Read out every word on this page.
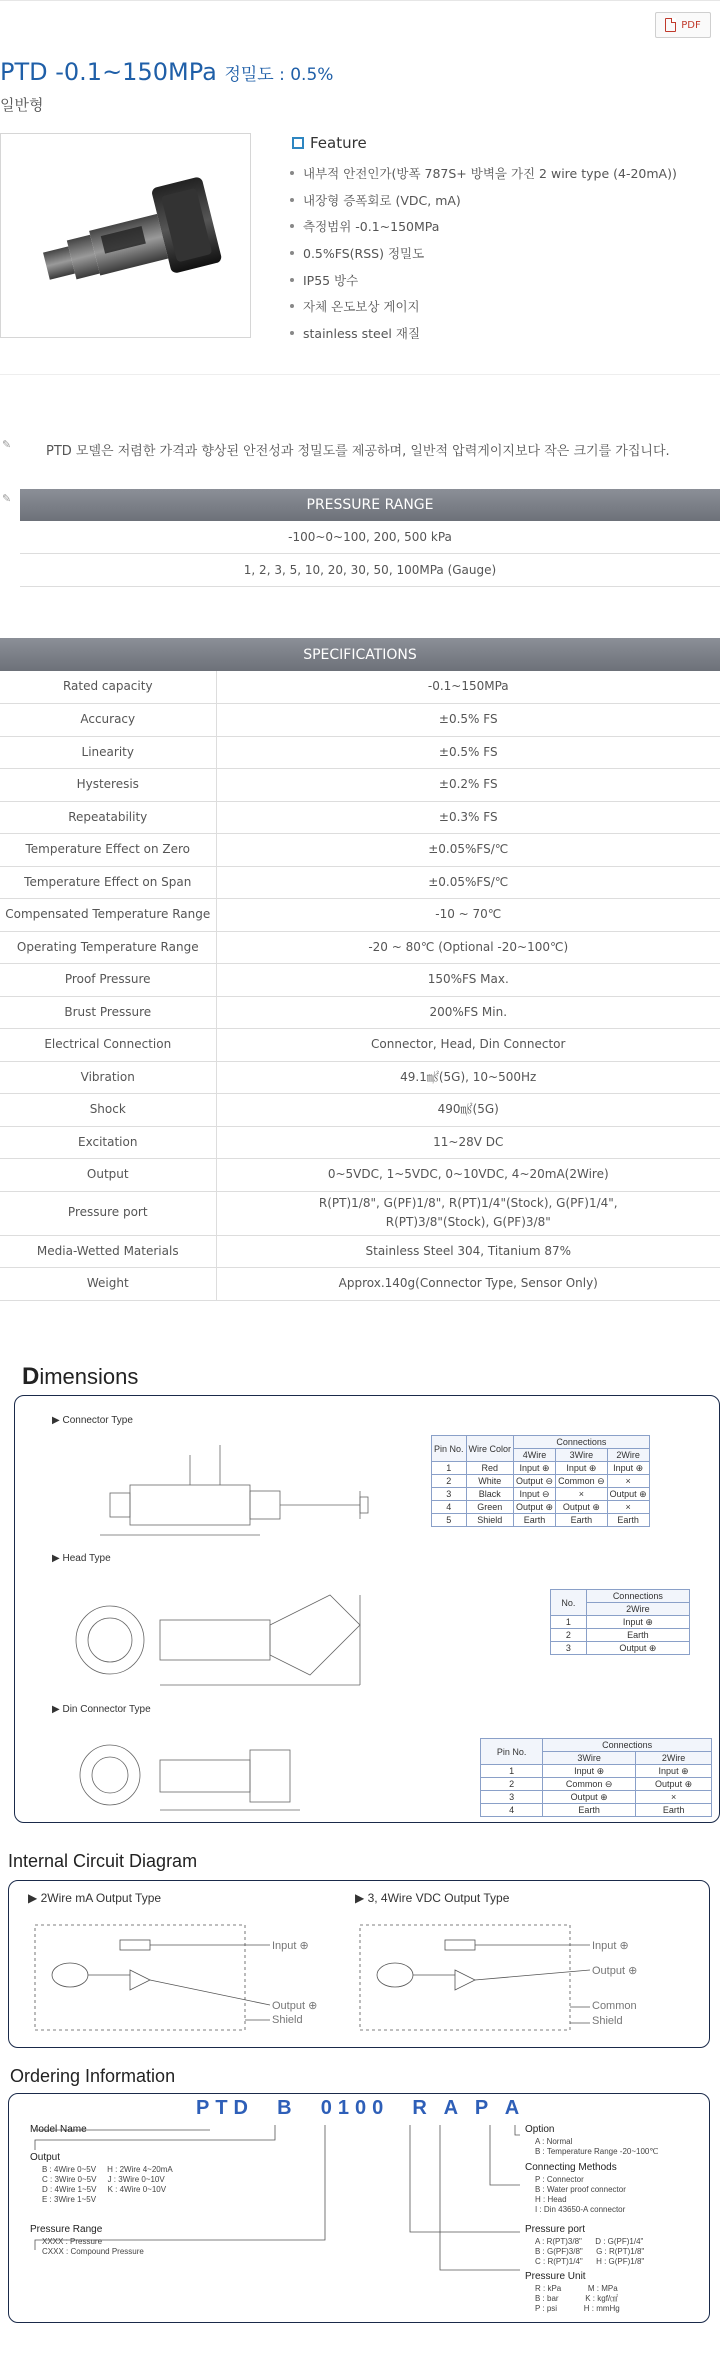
PDF
PTD -0.1~150MPa 정밀도 : 0.5%
일반형
Feature
내부적 안전인가(방폭 787S+ 방벽을 가진 2 wire type (4-20mA))
내장형 증폭회로 (VDC, mA)
측정범위 -0.1~150MPa
0.5%FS(RSS) 정밀도
IP55 방수
자체 온도보상 게이지
stainless steel 재질
✎	PTD 모델은 저렴한 가격과 향상된 안전성과 정밀도를 제공하며, 일반적 압력게이지보다 작은 크기를 가집니다.
✎	PRESSURE RANGE
-100~0~100, 200, 500 kPa
1, 2, 3, 5, 10, 20, 30, 50, 100MPa (Gauge)
SPECIFICATIONS
Rated capacity	-0.1~150MPa
Accuracy	±0.5% FS
Linearity	±0.5% FS
Hysteresis	±0.2% FS
Repeatability	±0.3% FS
Temperature Effect on Zero	±0.05%FS/℃
Temperature Effect on Span	±0.05%FS/℃
Compensated Temperature Range	-10 ~ 70℃
Operating Temperature Range	-20 ~ 80℃ (Optional -20~100℃)
Proof Pressure	150%FS Max.
Brust Pressure	200%FS Min.
Electrical Connection	Connector, Head, Din Connector
Vibration	49.1㎨(5G), 10~500Hz
Shock	490㎨(5G)
Excitation	11~28V DC
Output	0~5VDC, 1~5VDC, 0~10VDC, 4~20mA(2Wire)
Pressure port	R(PT)1/8", G(PF)1/8", R(PT)1/4"(Stock), G(PF)1/4",
R(PT)3/8"(Stock), G(PF)3/8"
Media-Wetted Materials	Stainless Steel 304, Titanium 87%
Weight	Approx.140g(Connector Type, Sensor Only)
Dimensions
▶ Connector Type
▶ Head Type
▶ Din Connector Type
Pin No.	Wire Color	Connections		
		4Wire	3Wire	2Wire
1	Red	Input ⊕	Input ⊕	Input ⊕
2	White	Output ⊖	Common ⊖	×
3	Black	Input ⊖	×	Output ⊕
4	Green	Output ⊕	Output ⊕	×
5	Shield	Earth	Earth	Earth
No.	Connections
	2Wire
1	Input ⊕
2	Earth
3	Output ⊕
Pin No.	Connections	
	3Wire	2Wire
1	Input ⊕	Input ⊕
2	Common ⊖	Output ⊕
3	Output ⊕	×
4	Earth	Earth
Internal Circuit Diagram
▶ 2Wire mA Output Type	▶ 3, 4Wire VDC Output Type
Input ⊕
Output ⊕
Shield
Input ⊕
Output ⊕
Common
Shield
Ordering Information
PTD B 0100 R A P A
Model Name
Output
B : 4Wire 0~5V     H : 2Wire 4~20mA
C : 3Wire 0~5V     J : 3Wire 0~10V
D : 4Wire 1~5V     K : 4Wire 0~10V
E : 3Wire 1~5V
Pressure Range
XXXX : Pressure
CXXX : Compound Pressure
Option
A : Normal
B : Temperature Range -20~100℃
Connecting Methods
P : Connector
B : Water proof connector
H : Head
I : Din 43650-A connector
Pressure port
A : R(PT)3/8"      D : G(PF)1/4"
B : G(PF)3/8"      G : R(PT)1/8"
C : R(PT)1/4"      H : G(PF)1/8"
Pressure Unit
R : kPa            M : MPa
B : bar            K : kgf/㎠
P : psi            H : mmHg
